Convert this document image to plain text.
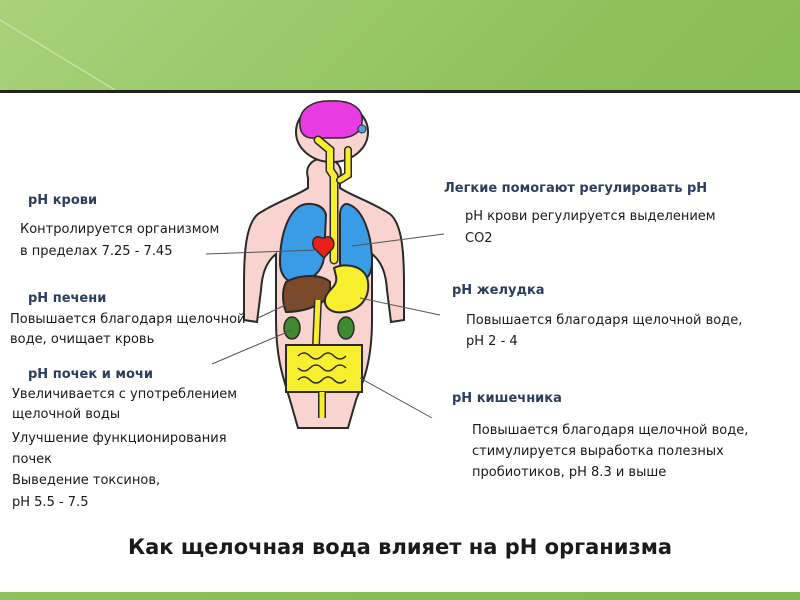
pH крови
Контролируется организмом
в пределах 7.25 - 7.45
pH печени
Повышается благодаря щелочной
воде, очищает кровь
pH почек и мочи
Увеличивается с употреблением
щелочной воды
Улучшение функционирования
почек
Выведение токсинов,
pH 5.5 - 7.5
Легкие помогают регулировать pH
pH крови регулируется выделением
CO2
pH желудка
Повышается благодаря щелочной воде,
pH 2 - 4
pH кишечника
Повышается благодаря щелочной воде,
стимулируется выработка полезных
пробиотиков, pH 8.3 и выше
Как щелочная вода влияет на pH организма
